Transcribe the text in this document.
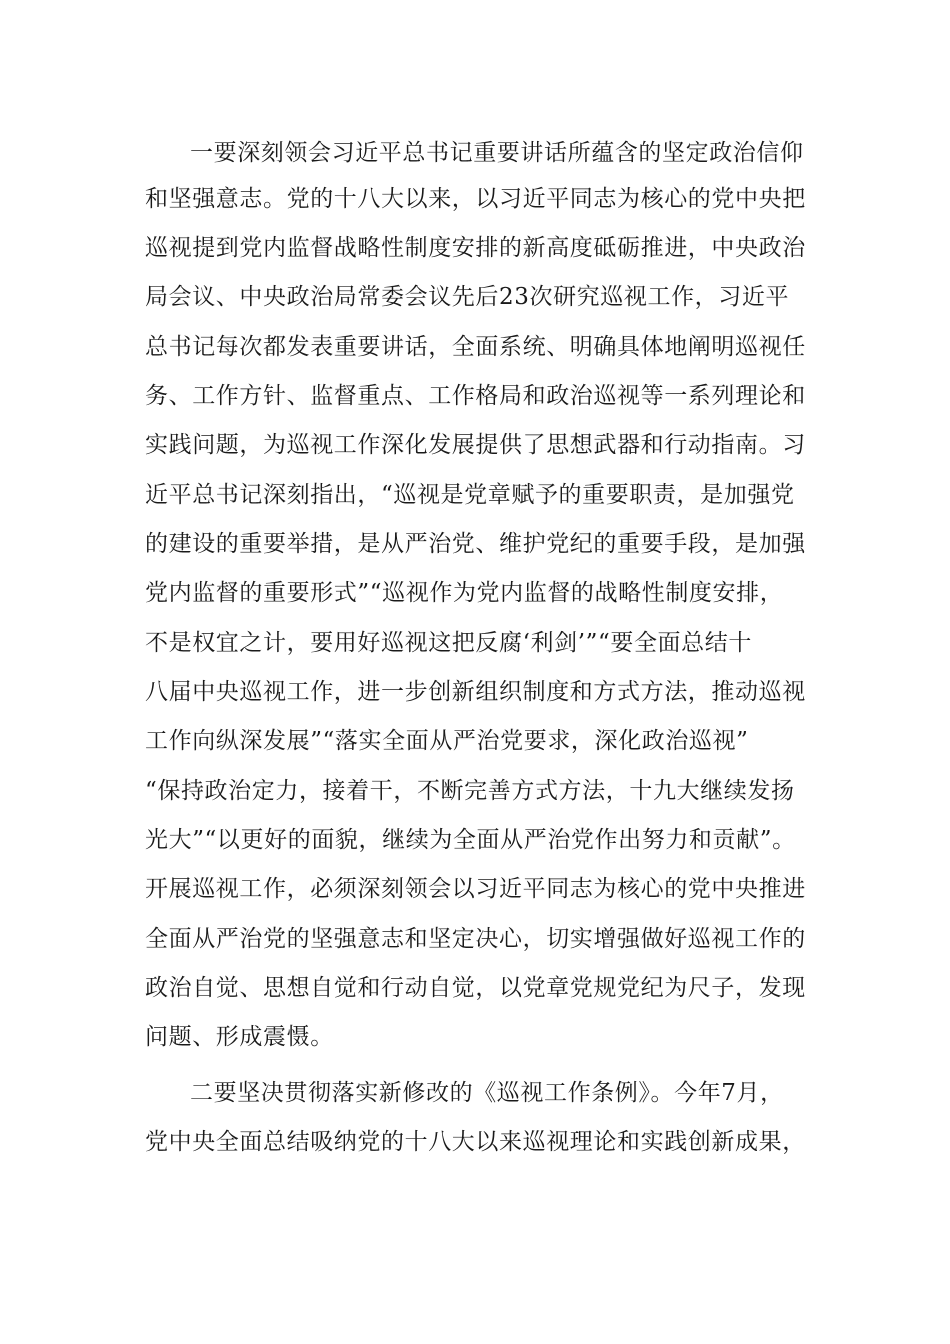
一要深刻领会习近平总书记重要讲话所蕴含的坚定政治信仰
和坚强意志。党的十八大以来，以习近平同志为核心的党中央把
巡视提到党内监督战略性制度安排的新高度砥砺推进，中央政治
局会议、中央政治局常委会议先后23次研究巡视工作，习近平
总书记每次都发表重要讲话，全面系统、明确具体地阐明巡视任
务、工作方针、监督重点、工作格局和政治巡视等一系列理论和
实践问题，为巡视工作深化发展提供了思想武器和行动指南。习
近平总书记深刻指出，“巡视是党章赋予的重要职责，是加强党
的建设的重要举措，是从严治党、维护党纪的重要手段，是加强
党内监督的重要形式”“巡视作为党内监督的战略性制度安排，
不是权宜之计，要用好巡视这把反腐‘利剑’”“要全面总结十
八届中央巡视工作，进一步创新组织制度和方式方法，推动巡视
工作向纵深发展”“落实全面从严治党要求，深化政治巡视”
“保持政治定力，接着干，不断完善方式方法，十九大继续发扬
光大”“以更好的面貌，继续为全面从严治党作出努力和贡献”。
开展巡视工作，必须深刻领会以习近平同志为核心的党中央推进
全面从严治党的坚强意志和坚定决心，切实增强做好巡视工作的
政治自觉、思想自觉和行动自觉，以党章党规党纪为尺子，发现
问题、形成震慑。
二要坚决贯彻落实新修改的《巡视工作条例》。今年7月，
党中央全面总结吸纳党的十八大以来巡视理论和实践创新成果，
